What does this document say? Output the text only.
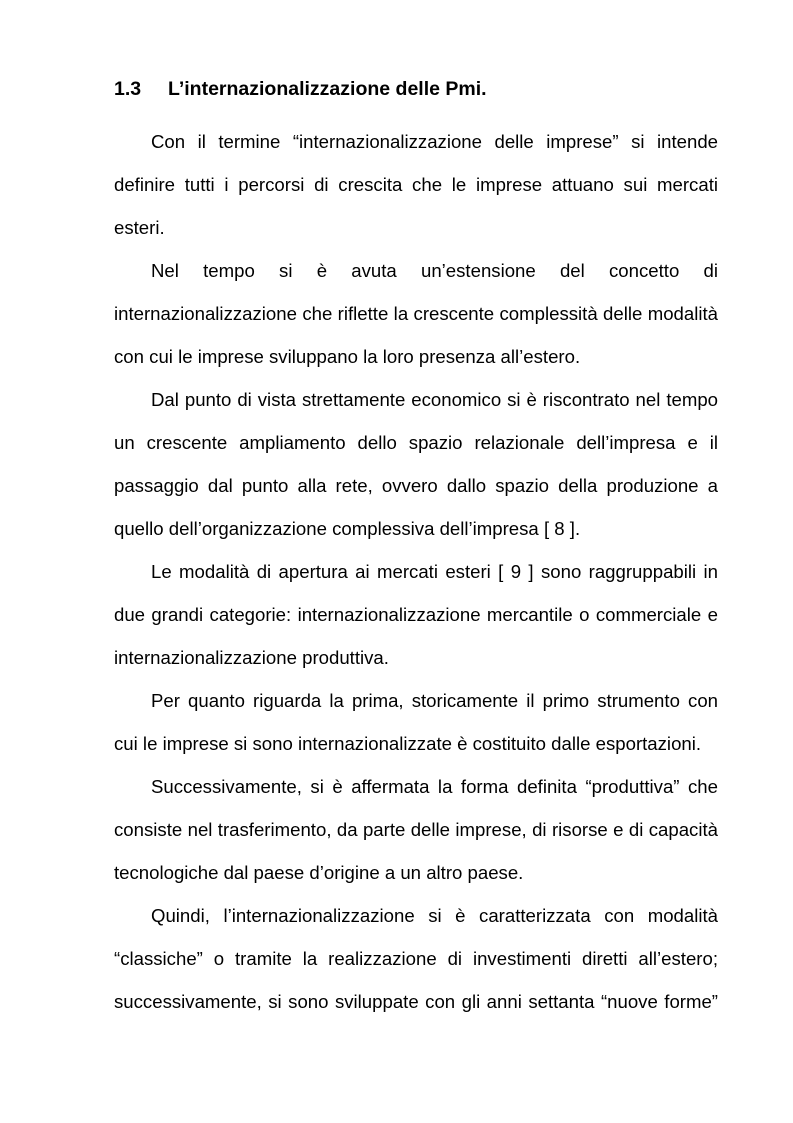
1.3	L’internazionalizzazione delle Pmi.

Con il termine “internazionalizzazione delle imprese” si intende definire tutti i percorsi di crescita che le imprese attuano sui mercati esteri.

Nel tempo si è avuta un’estensione del concetto di internazionalizzazione che riflette la crescente complessità delle modalità con cui le imprese sviluppano la loro presenza all’estero.

Dal punto di vista strettamente economico si è riscontrato nel tempo un crescente ampliamento dello spazio relazionale dell’impresa e il passaggio dal punto alla rete, ovvero dallo spazio della produzione a quello dell’organizzazione complessiva dell’impresa [ 8 ].

Le modalità di apertura ai mercati esteri [ 9 ] sono raggruppabili in due grandi categorie: internazionalizzazione mercantile o commerciale e internazionalizzazione produttiva.

Per quanto riguarda la prima, storicamente il primo strumento con cui le imprese si sono internazionalizzate è costituito dalle esportazioni.

Successivamente, si è affermata la forma definita “produttiva” che consiste nel trasferimento, da parte delle imprese, di risorse e di capacità tecnologiche dal paese d’origine a un altro paese.

Quindi, l’internazionalizzazione si è caratterizzata con modalità “classiche” o tramite la realizzazione di investimenti diretti all’estero; successivamente, si sono sviluppate con gli anni settanta “nuove forme”
